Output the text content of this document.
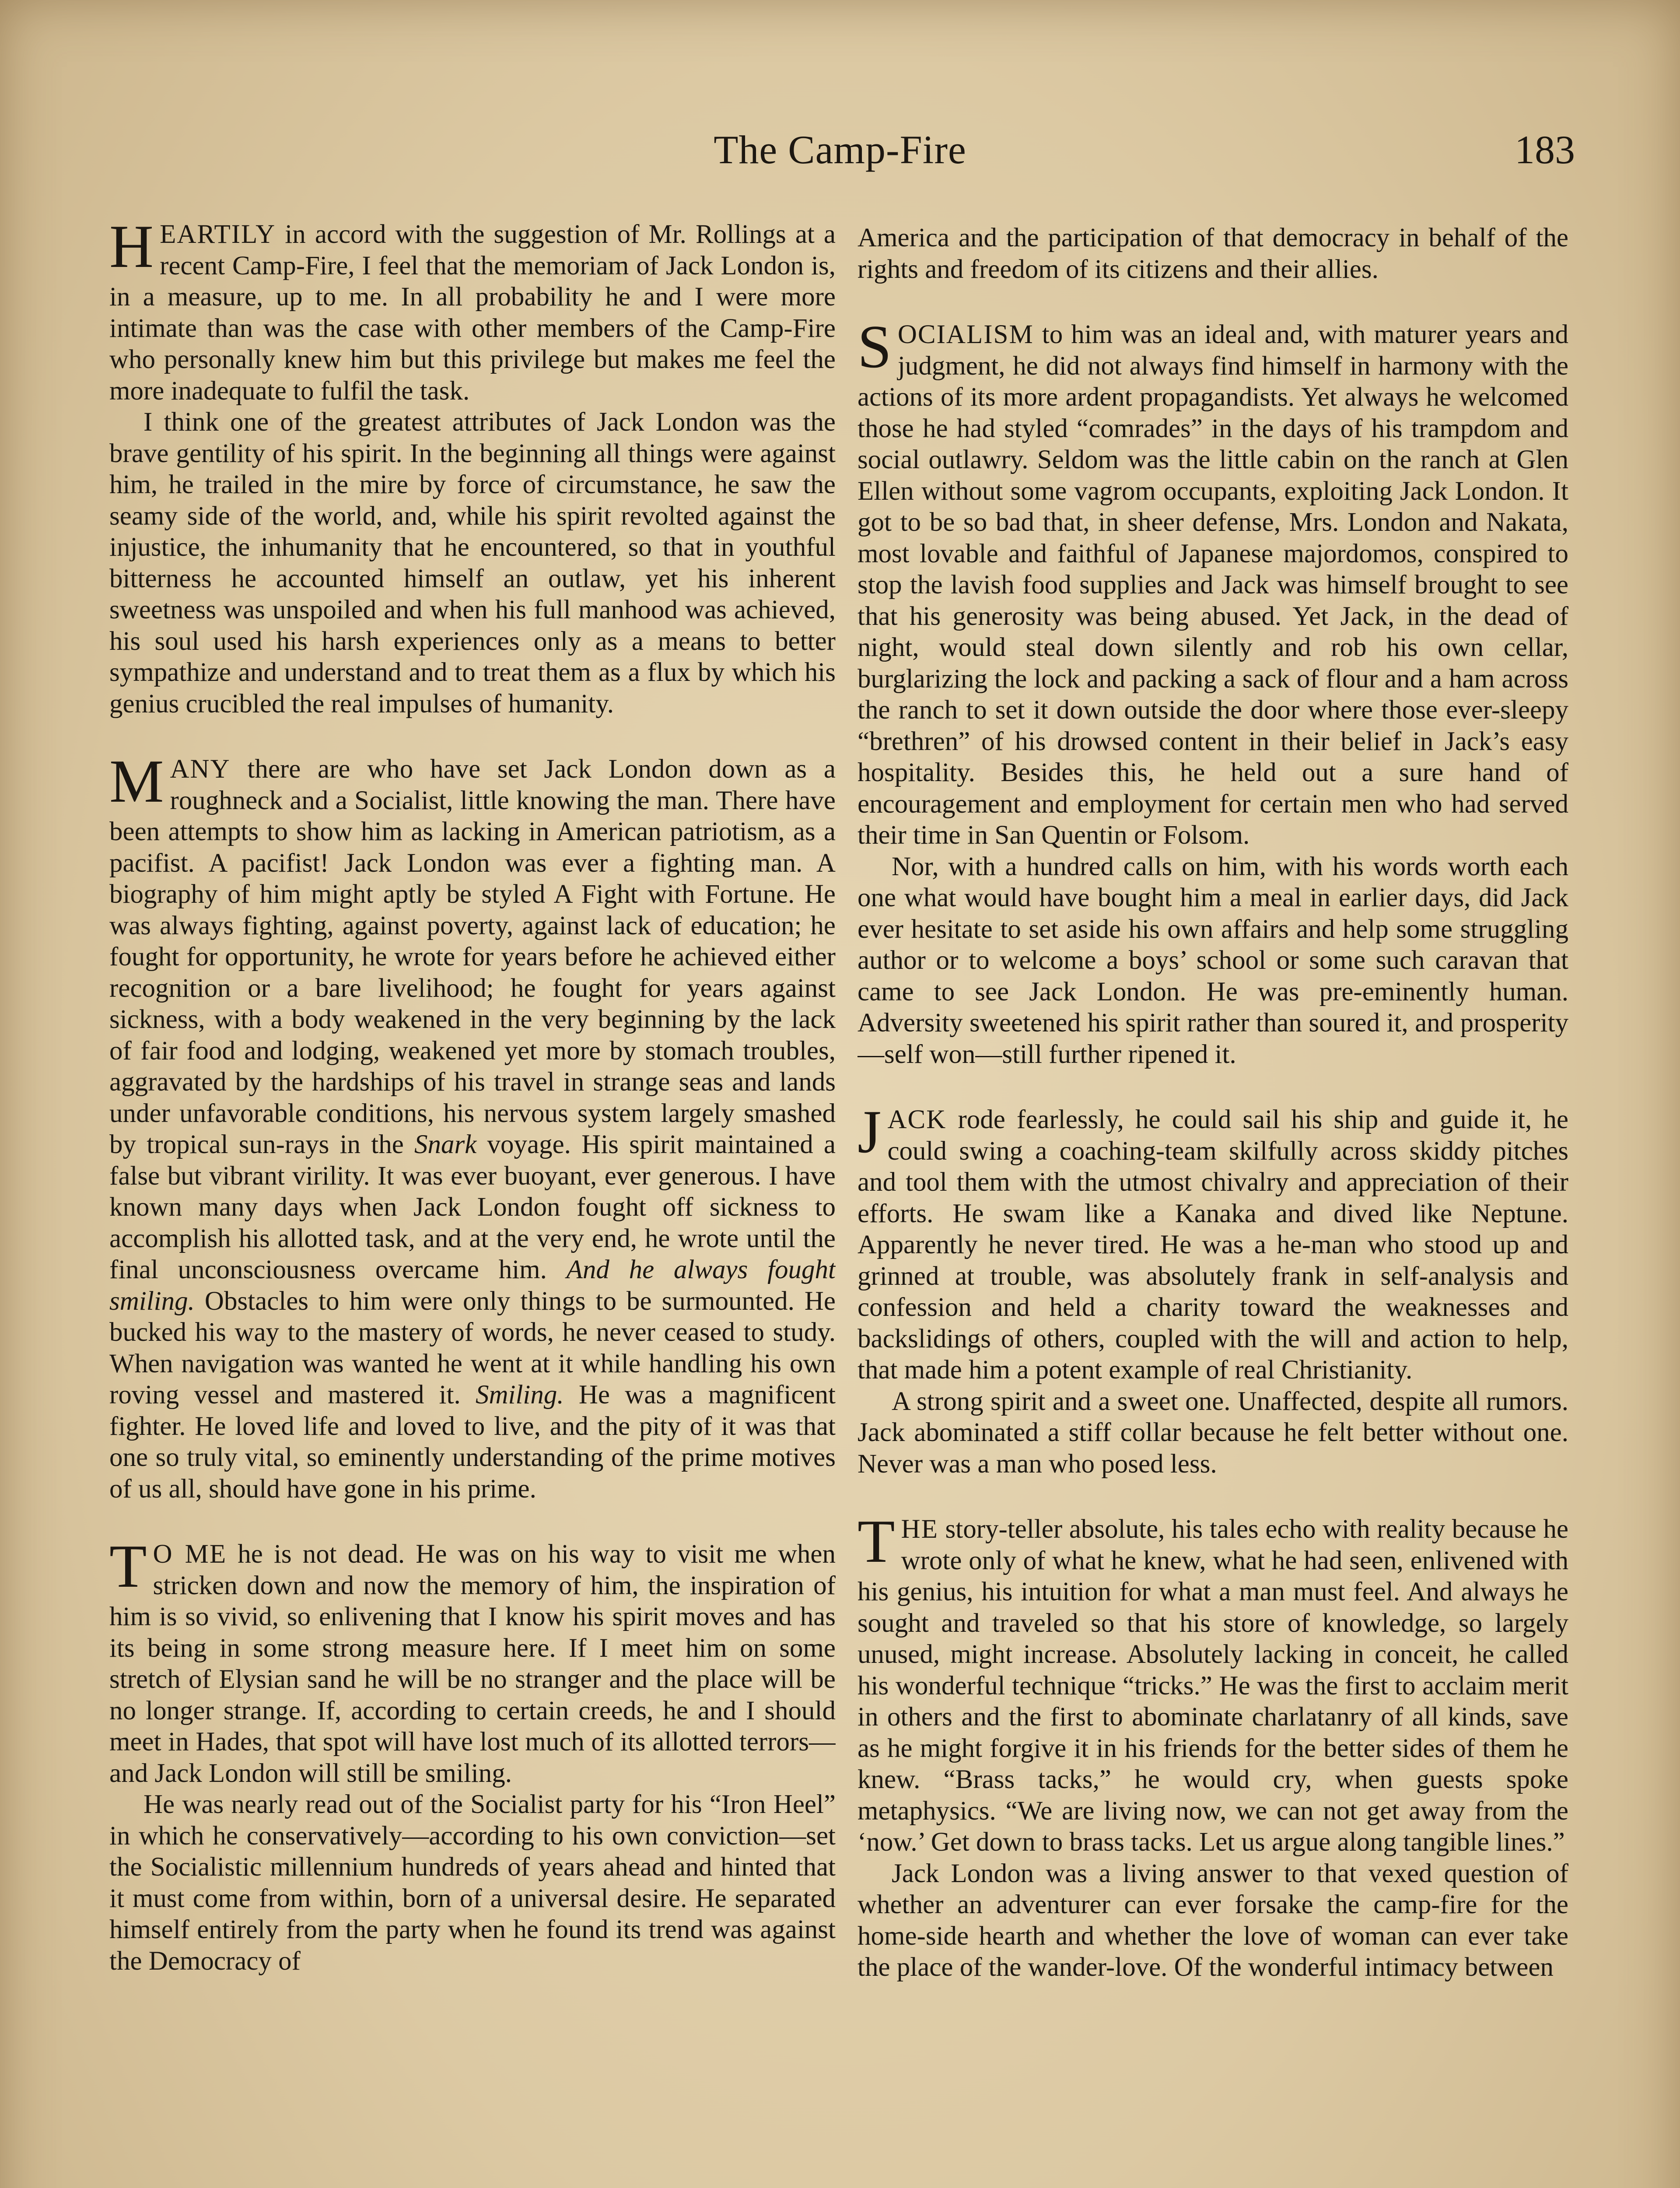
The Camp-Fire	183

HEARTILY in accord with the suggestion of Mr. Rollings at a recent Camp-Fire, I feel that the memoriam of Jack London is, in a measure, up to me. In all probability he and I were more intimate than was the case with other members of the Camp-Fire who personally knew him but this privilege but makes me feel the more inadequate to fulfil the task.

I think one of the greatest attributes of Jack London was the brave gentility of his spirit. In the beginning all things were against him, he trailed in the mire by force of circumstance, he saw the seamy side of the world, and, while his spirit revolted against the injustice, the inhumanity that he encountered, so that in youthful bitterness he accounted himself an outlaw, yet his inherent sweetness was unspoiled and when his full manhood was achieved, his soul used his harsh experiences only as a means to better sympathize and understand and to treat them as a flux by which his genius crucibled the real impulses of humanity.

MANY there are who have set Jack London down as a roughneck and a Socialist, little knowing the man. There have been attempts to show him as lacking in American patriotism, as a pacifist. A pacifist! Jack London was ever a fighting man. A biography of him might aptly be styled A Fight with Fortune. He was always fighting, against poverty, against lack of education; he fought for opportunity, he wrote for years before he achieved either recognition or a bare livelihood; he fought for years against sickness, with a body weakened in the very beginning by the lack of fair food and lodging, weakened yet more by stomach troubles, aggravated by the hardships of his travel in strange seas and lands under unfavorable conditions, his nervous system largely smashed by tropical sun-rays in the Snark voyage. His spirit maintained a false but vibrant virility. It was ever buoyant, ever generous. I have known many days when Jack London fought off sickness to accomplish his allotted task, and at the very end, he wrote until the final unconsciousness overcame him. And he always fought smiling. Obstacles to him were only things to be surmounted. He bucked his way to the mastery of words, he never ceased to study. When navigation was wanted he went at it while handling his own roving vessel and mastered it. Smiling. He was a magnificent fighter. He loved life and loved to live, and the pity of it was that one so truly vital, so eminently understanding of the prime motives of us all, should have gone in his prime.

T O ME he is not dead. He was on his way to visit me when stricken down and now the memory of him, the inspiration of him is so vivid, so enlivening that I know his spirit moves and has its being in some strong measure here. If I meet him on some stretch of Elysian sand he will be no stranger and the place will be no longer strange. If, according to certain creeds, he and I should meet in Hades, that spot will have lost much of its allotted terrors—and Jack London will still be smiling.

He was nearly read out of the Socialist party for his “Iron Heel” in which he conservatively—according to his own conviction—set the Socialistic millennium hundreds of years ahead and hinted that it must come from within, born of a universal desire. He separated himself entirely from the party when he found its trend was against the Democracy of

America and the participation of that democracy in behalf of the rights and freedom of its citizens and their allies.

SOCIALISM to him was an ideal and, with maturer years and judgment, he did not always find himself in harmony with the actions of its more ardent propagandists. Yet always he welcomed those he had styled “comrades” in the days of his trampdom and social outlawry. Seldom was the little cabin on the ranch at Glen Ellen without some vagrom occupants, exploiting Jack London. It got to be so bad that, in sheer defense, Mrs. London and Nakata, most lovable and faithful of Japanese majordomos, conspired to stop the lavish food supplies and Jack was himself brought to see that his generosity was being abused. Yet Jack, in the dead of night, would steal down silently and rob his own cellar, burglarizing the lock and packing a sack of flour and a ham across the ranch to set it down outside the door where those ever-sleepy “brethren” of his drowsed content in their belief in Jack’s easy hospitality. Besides this, he held out a sure hand of encouragement and employment for certain men who had served their time in San Quentin or Folsom.

Nor, with a hundred calls on him, with his words worth each one what would have bought him a meal in earlier days, did Jack ever hesitate to set aside his own affairs and help some struggling author or to welcome a boys’ school or some such caravan that came to see Jack London. He was pre-eminently human. Adversity sweetened his spirit rather than soured it, and prosperity—self won—still further ripened it.

JACK rode fearlessly, he could sail his ship and guide it, he could swing a coaching-team skilfully across skiddy pitches and tool them with the utmost chivalry and appreciation of their efforts. He swam like a Kanaka and dived like Neptune. Apparently he never tired. He was a he-man who stood up and grinned at trouble, was absolutely frank in self-analysis and confession and held a charity toward the weaknesses and backslidings of others, coupled with the will and action to help, that made him a potent example of real Christianity.

A strong spirit and a sweet one. Unaffected, despite all rumors. Jack abominated a stiff collar because he felt better without one. Never was a man who posed less.

THE story-teller absolute, his tales echo with reality because he wrote only of what he knew, what he had seen, enlivened with his genius, his intuition for what a man must feel. And always he sought and traveled so that his store of knowledge, so largely unused, might increase. Absolutely lacking in conceit, he called his wonderful technique “tricks.” He was the first to acclaim merit in others and the first to abominate charlatanry of all kinds, save as he might forgive it in his friends for the better sides of them he knew. “Brass tacks,” he would cry, when guests spoke metaphysics. “We are living now, we can not get away from the ‘now.’ Get down to brass tacks. Let us argue along tangible lines.”

Jack London was a living answer to that vexed question of whether an adventurer can ever forsake the camp-fire for the home-side hearth and whether the love of woman can ever take the place of the wander-love. Of the wonderful intimacy between
